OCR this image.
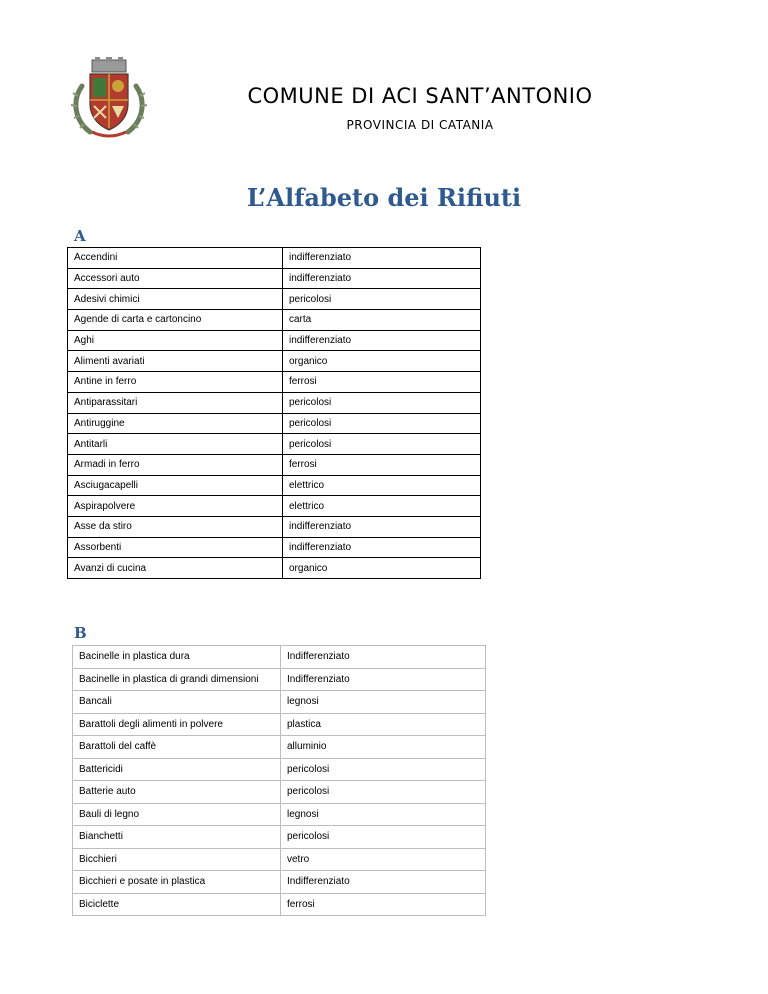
COMUNE DI ACI SANT’ANTONIO
PROVINCIA DI CATANIA
L’Alfabeto dei Rifiuti
A
Accendini	indifferenziato
Accessori auto	indifferenziato
Adesivi chimici	pericolosi
Agende di carta e cartoncino	carta
Aghi	indifferenziato
Alimenti avariati	organico
Antine in ferro	ferrosi
Antiparassitari	pericolosi
Antiruggine	pericolosi
Antitarli	pericolosi
Armadi in ferro	ferrosi
Asciugacapelli	elettrico
Aspirapolvere	elettrico
Asse da stiro	indifferenziato
Assorbenti	indifferenziato
Avanzi di cucina	organico
B
Bacinelle in plastica dura	Indifferenziato
Bacinelle in plastica di grandi dimensioni	Indifferenziato
Bancali	legnosi
Barattoli degli alimenti in polvere	plastica
Barattoli del caffè	alluminio
Battericidi	pericolosi
Batterie auto	pericolosi
Bauli di legno	legnosi
Bianchetti	pericolosi
Bicchieri	vetro
Bicchieri e posate in plastica	Indifferenziato
Biciclette	ferrosi
